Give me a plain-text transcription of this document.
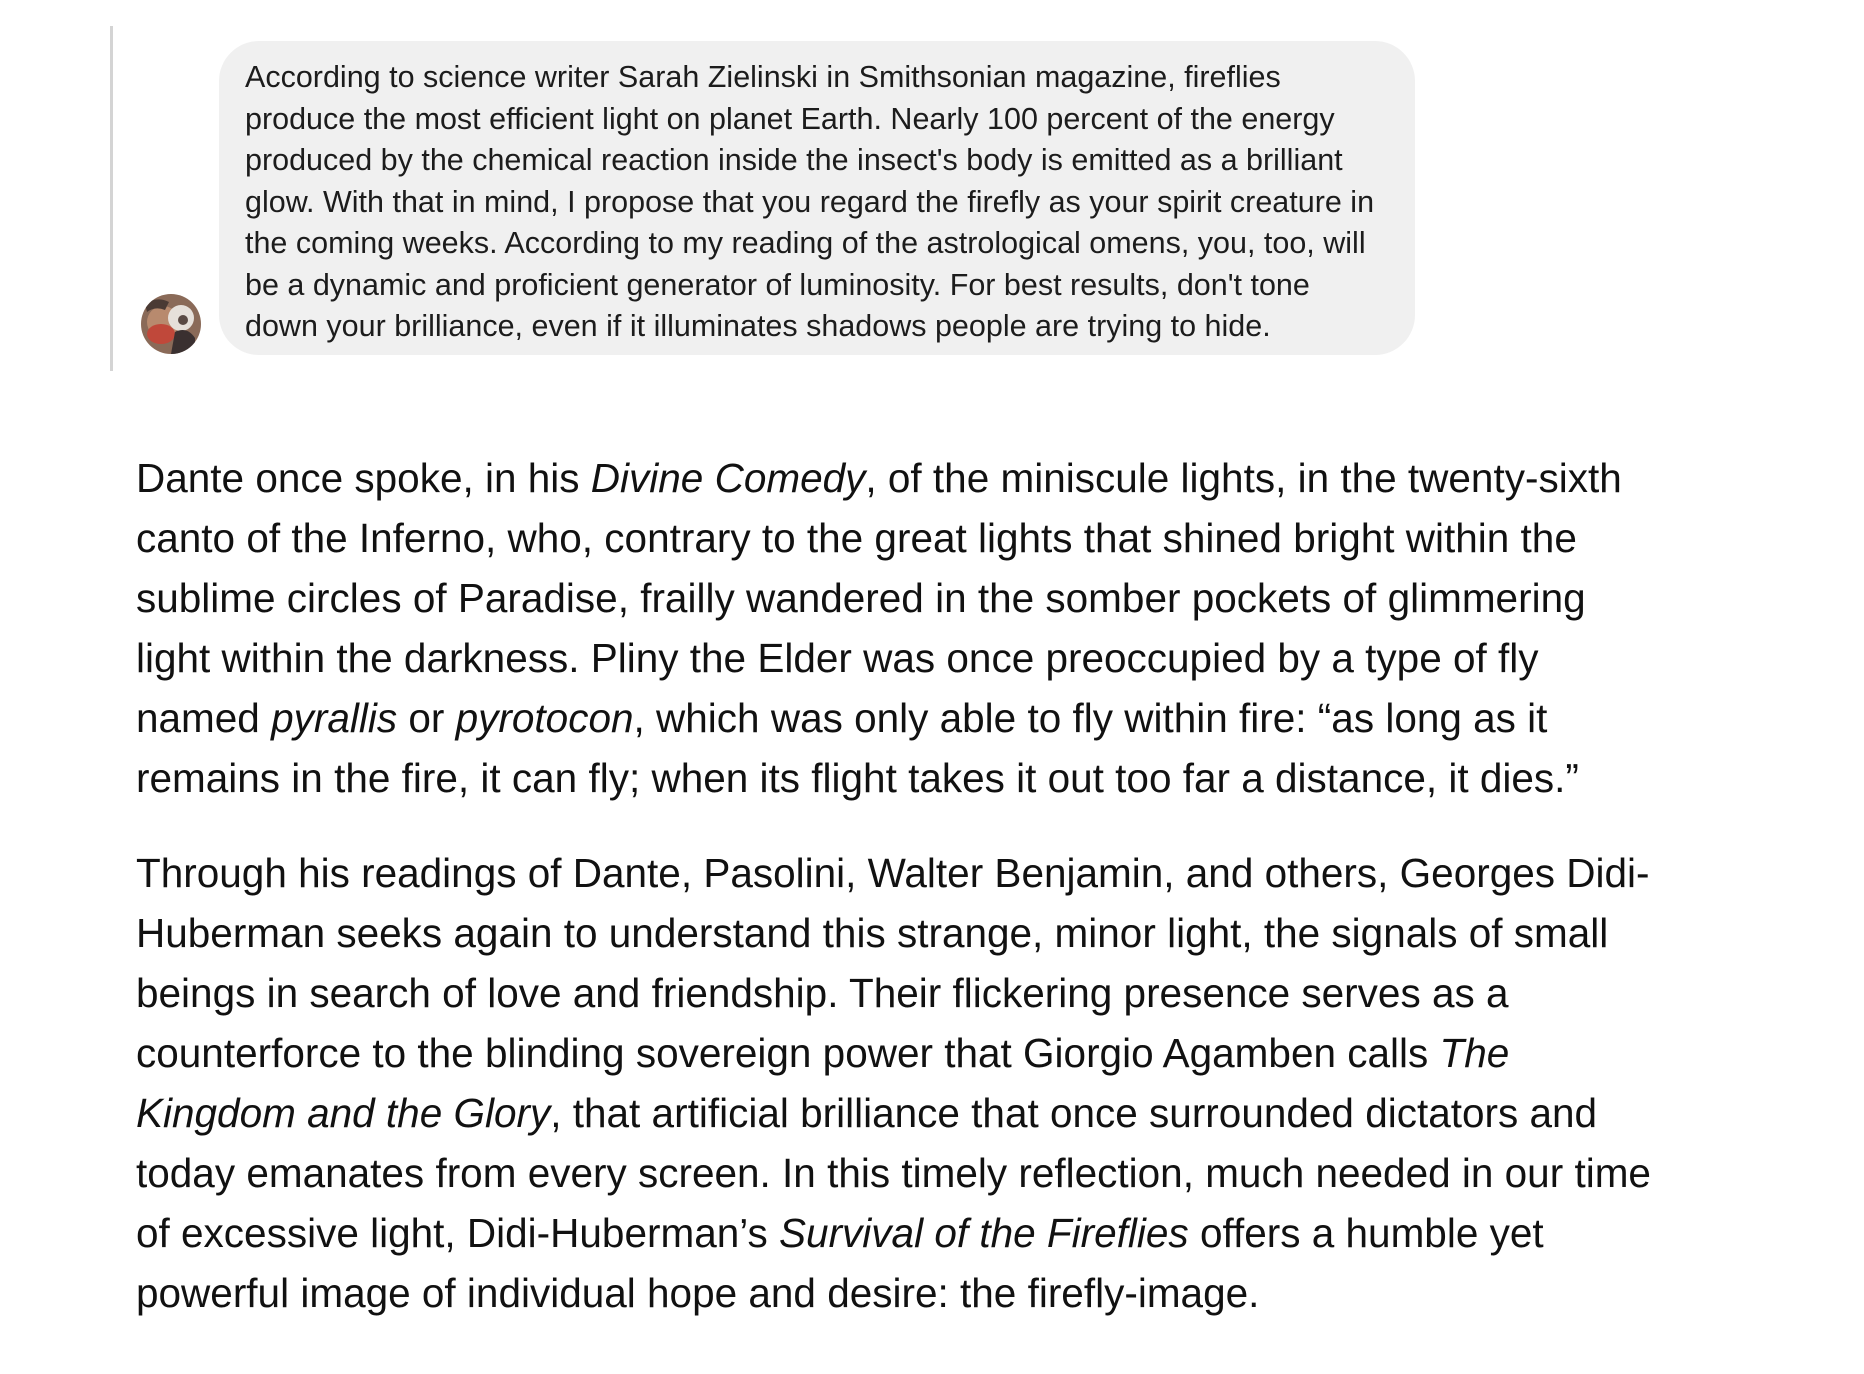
According to science writer Sarah Zielinski in Smithsonian magazine, fireflies
produce the most efficient light on planet Earth. Nearly 100 percent of the energy
produced by the chemical reaction inside the insect's body is emitted as a brilliant
glow. With that in mind, I propose that you regard the firefly as your spirit creature in
the coming weeks. According to my reading of the astrological omens, you, too, will
be a dynamic and proficient generator of luminosity. For best results, don't tone
down your brilliance, even if it illuminates shadows people are trying to hide.
Dante once spoke, in his Divine Comedy, of the miniscule lights, in the twenty-sixth
canto of the Inferno, who, contrary to the great lights that shined bright within the
sublime circles of Paradise, frailly wandered in the somber pockets of glimmering
light within the darkness. Pliny the Elder was once preoccupied by a type of fly
named pyrallis or pyrotocon, which was only able to fly within fire: “as long as it
remains in the fire, it can fly; when its flight takes it out too far a distance, it dies.”
Through his readings of Dante, Pasolini, Walter Benjamin, and others, Georges Didi-
Huberman seeks again to understand this strange, minor light, the signals of small
beings in search of love and friendship. Their flickering presence serves as a
counterforce to the blinding sovereign power that Giorgio Agamben calls The
Kingdom and the Glory, that artificial brilliance that once surrounded dictators and
today emanates from every screen. In this timely reflection, much needed in our time
of excessive light, Didi-Huberman’s Survival of the Fireflies offers a humble yet
powerful image of individual hope and desire: the firefly-image.
